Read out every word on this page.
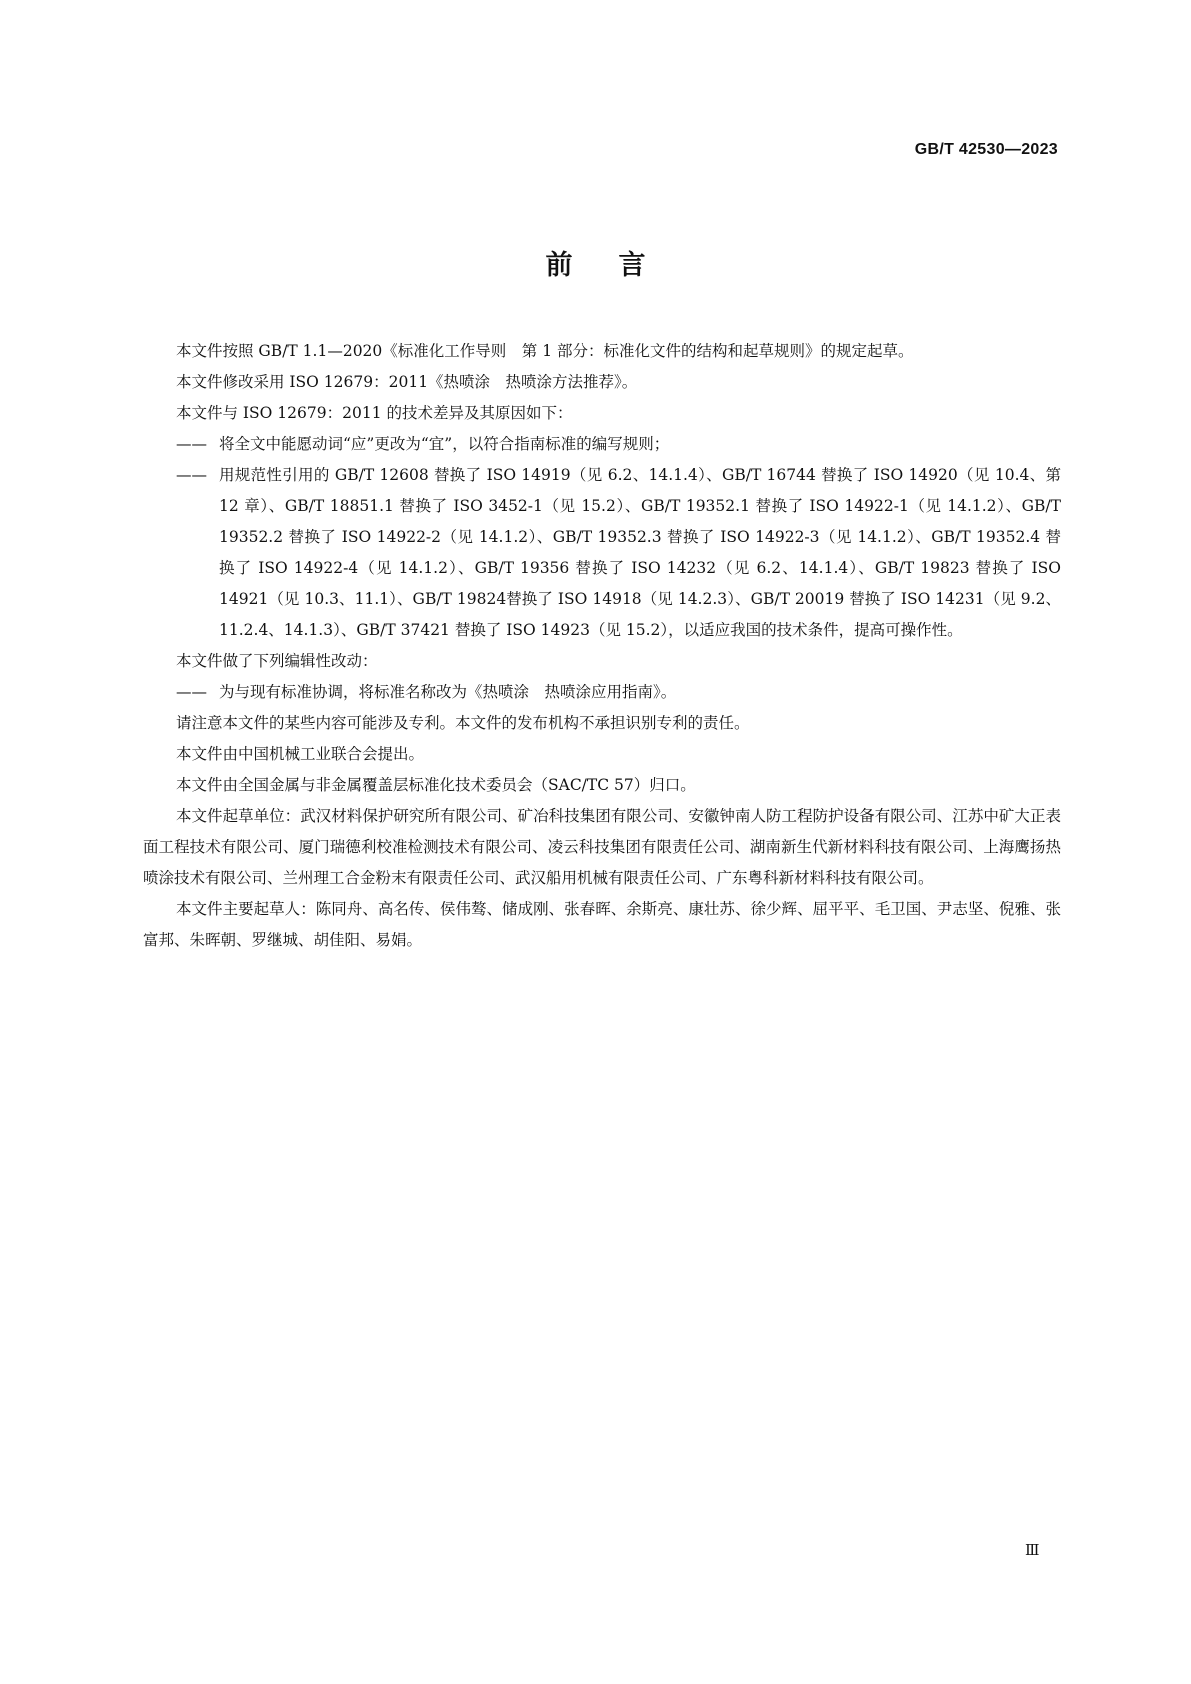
GB/T 42530—2023
前言

本文件按照 GB/T 1.1—2020《标准化工作导则　第 1 部分：标准化文件的结构和起草规则》的规定起草。

本文件修改采用 ISO 12679：2011《热喷涂　热喷涂方法推荐》。

本文件与 ISO 12679：2011 的技术差异及其原因如下：

—— 将全文中能愿动词“应”更改为“宜”，以符合指南标准的编写规则；

—— 用规范性引用的 GB/T 12608 替换了 ISO 14919（见 6.2、14.1.4）、GB/T 16744 替换了 ISO 14920（见 10.4、第 12 章）、GB/T 18851.1 替换了 ISO 3452-1（见 15.2）、GB/T 19352.1 替换了 ISO 14922-1（见 14.1.2）、GB/T 19352.2 替换了 ISO 14922-2（见 14.1.2）、GB/T 19352.3 替换了 ISO 14922-3（见 14.1.2）、GB/T 19352.4 替换了 ISO 14922-4（见 14.1.2）、GB/T 19356 替换了 ISO 14232（见 6.2、14.1.4）、GB/T 19823 替换了 ISO 14921（见 10.3、11.1）、GB/T 19824替换了 ISO 14918（见 14.2.3）、GB/T 20019 替换了 ISO 14231（见 9.2、11.2.4、14.1.3）、GB/T 37421 替换了 ISO 14923（见 15.2），以适应我国的技术条件，提高可操作性。

本文件做了下列编辑性改动：

—— 为与现有标准协调，将标准名称改为《热喷涂　热喷涂应用指南》。

请注意本文件的某些内容可能涉及专利。本文件的发布机构不承担识别专利的责任。

本文件由中国机械工业联合会提出。

本文件由全国金属与非金属覆盖层标准化技术委员会（SAC/TC 57）归口。

本文件起草单位：武汉材料保护研究所有限公司、矿冶科技集团有限公司、安徽钟南人防工程防护设备有限公司、江苏中矿大正表面工程技术有限公司、厦门瑞德利校准检测技术有限公司、凌云科技集团有限责任公司、湖南新生代新材料科技有限公司、上海鹰扬热喷涂技术有限公司、兰州理工合金粉末有限责任公司、武汉船用机械有限责任公司、广东粤科新材料科技有限公司。

本文件主要起草人：陈同舟、高名传、侯伟骜、储成刚、张春晖、余斯亮、康壮苏、徐少辉、屈平平、毛卫国、尹志坚、倪雅、张富邦、朱晖朝、罗继城、胡佳阳、易娟。

Ⅲ
